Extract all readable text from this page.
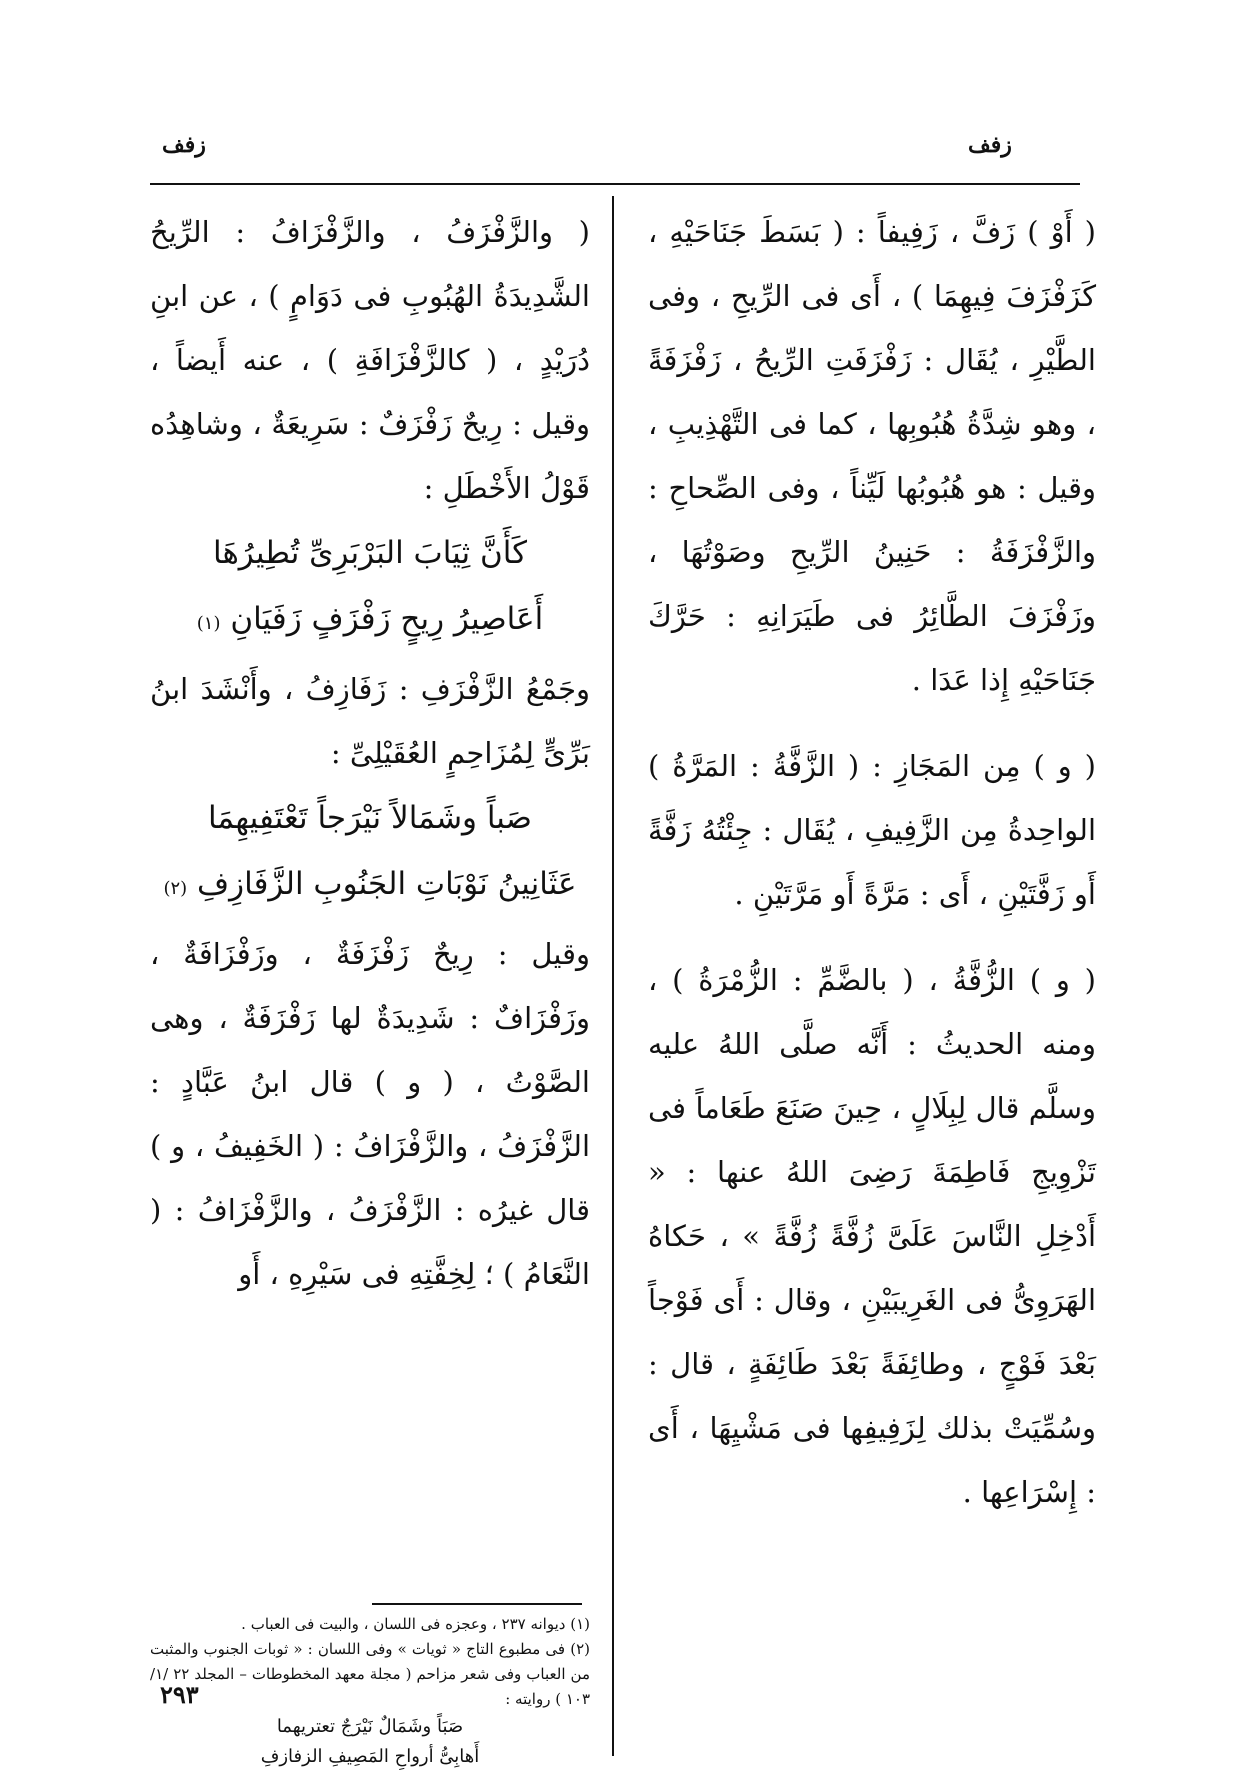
زفف
زفف

( أَوْ ) زَفَّ ، زَفِيفاً : ( بَسَطَ جَنَاحَيْهِ ، كَزَفْزَفَ فِيهِمَا ) ، أَى فى الرِّيحِ ، وفى الطَّيْرِ ، يُقَال : زَفْزَفَتِ الرِّيحُ ، زَفْزَفَةً ، وهو شِدَّةُ هُبُوبِها ، كما فى التَّهْذِيبِ ، وقيل : هو هُبُوبُها لَيِّناً ، وفى الصِّحاحِ : والزَّفْزَفَةُ : حَنِينُ الرِّيحِ وصَوْتُهَا ، وزَفْزَفَ الطَّائِرُ فى طَيَرَانِهِ : حَرَّكَ جَنَاحَيْهِ إِذا عَدَا .

( و ) مِن المَجَازِ : ( الزَّفَّةُ : المَرَّةُ ) الواحِدةُ مِن الزَّفِيفِ ، يُقَال : جِئْتُهُ زَفَّةً أَو زَفَّتَيْنِ ، أَى : مَرَّةً أَو مَرَّتَيْنِ .

( و ) الزُّفَّةُ ، ( بالضَّمِّ : الزُّمْرَةُ ) ، ومنه الحديثُ : أَنَّه صلَّى اللهُ عليه وسلَّم قال لِبِلَالٍ ، حِينَ صَنَعَ طَعَاماً فى تَزْوِيجِ فَاطِمَةَ رَضِىَ اللهُ عنها : « أَدْخِلِ النَّاسَ عَلَىَّ زُفَّةً زُفَّةً » ، حَكاهُ الهَرَوِىُّ فى الغَرِيبَيْنِ ، وقال : أَى فَوْجاً بَعْدَ فَوْجٍ ، وطائِفَةً بَعْدَ طَائِفَةٍ ، قال : وسُمِّيَتْ بذلك لِزَفِيفِها فى مَشْيِهَا ، أَى : إِسْرَاعِها .

( والزَّفْزَفُ ، والزَّفْزَافُ : الرِّيحُ الشَّدِيدَةُ الهُبُوبِ فى دَوَامٍ ) ، عن ابنِ دُرَيْدٍ ، ( كالزَّفْزَافَةِ ) ، عنه أَيضاً ، وقيل : رِيحٌ زَفْزَفٌ : سَرِيعَةٌ ، وشاهِدُه قَوْلُ الأَخْطَلِ :

كَأَنَّ ثِيَابَ البَرْبَرِىِّ تُطِيرُهَا
أَعَاصِيرُ رِيحٍ زَفْزَفٍ زَفَيَانِ (١)

وجَمْعُ الزَّفْزَفِ : زَفَازِفُ ، وأَنْشَدَ ابنُ بَرِّىٍّ لِمُزَاحِمٍ العُقَيْلِىِّ :

صَباً وشَمَالاً نَيْرَجاً تَعْتَفِيهِمَا
عَثَانِينُ نَوْبَاتِ الجَنُوبِ الزَّفَازِفِ (٢)

وقيل : رِيحٌ زَفْزَفَةٌ ، وزَفْزَافَةٌ ، وزَفْزَافٌ : شَدِيدَةٌ لها زَفْزَفَةٌ ، وهى الصَّوْتُ ، ( و ) قال ابنُ عَبَّادٍ : الزَّفْزَفُ ، والزَّفْزَافُ : ( الخَفِيفُ ، و ) قال غيرُه : الزَّفْزَفُ ، والزَّفْزَافُ : ( النَّعَامُ ) ؛ لِخِفَّتِهِ فى سَيْرِهِ ، أَو

(١) ديوانه ٢٣٧ ، وعجزه فى اللسان ، والبيت فى العباب .

(٢) فى مطبوع التاج « ثويات » وفى اللسان : « ثوبات الجنوب والمثبت من العباب وفى شعر مزاحم ( مجلة معهد المخطوطات – المجلد ٢٢ /١/ ١٠٣ ) روايته :

صَبَاً وشَمَالٌ نَيْرَجٌ تعتريهما
أَهابِىُّ أرواحِ المَصِيفِ الزفازفِ
٢٩٣
